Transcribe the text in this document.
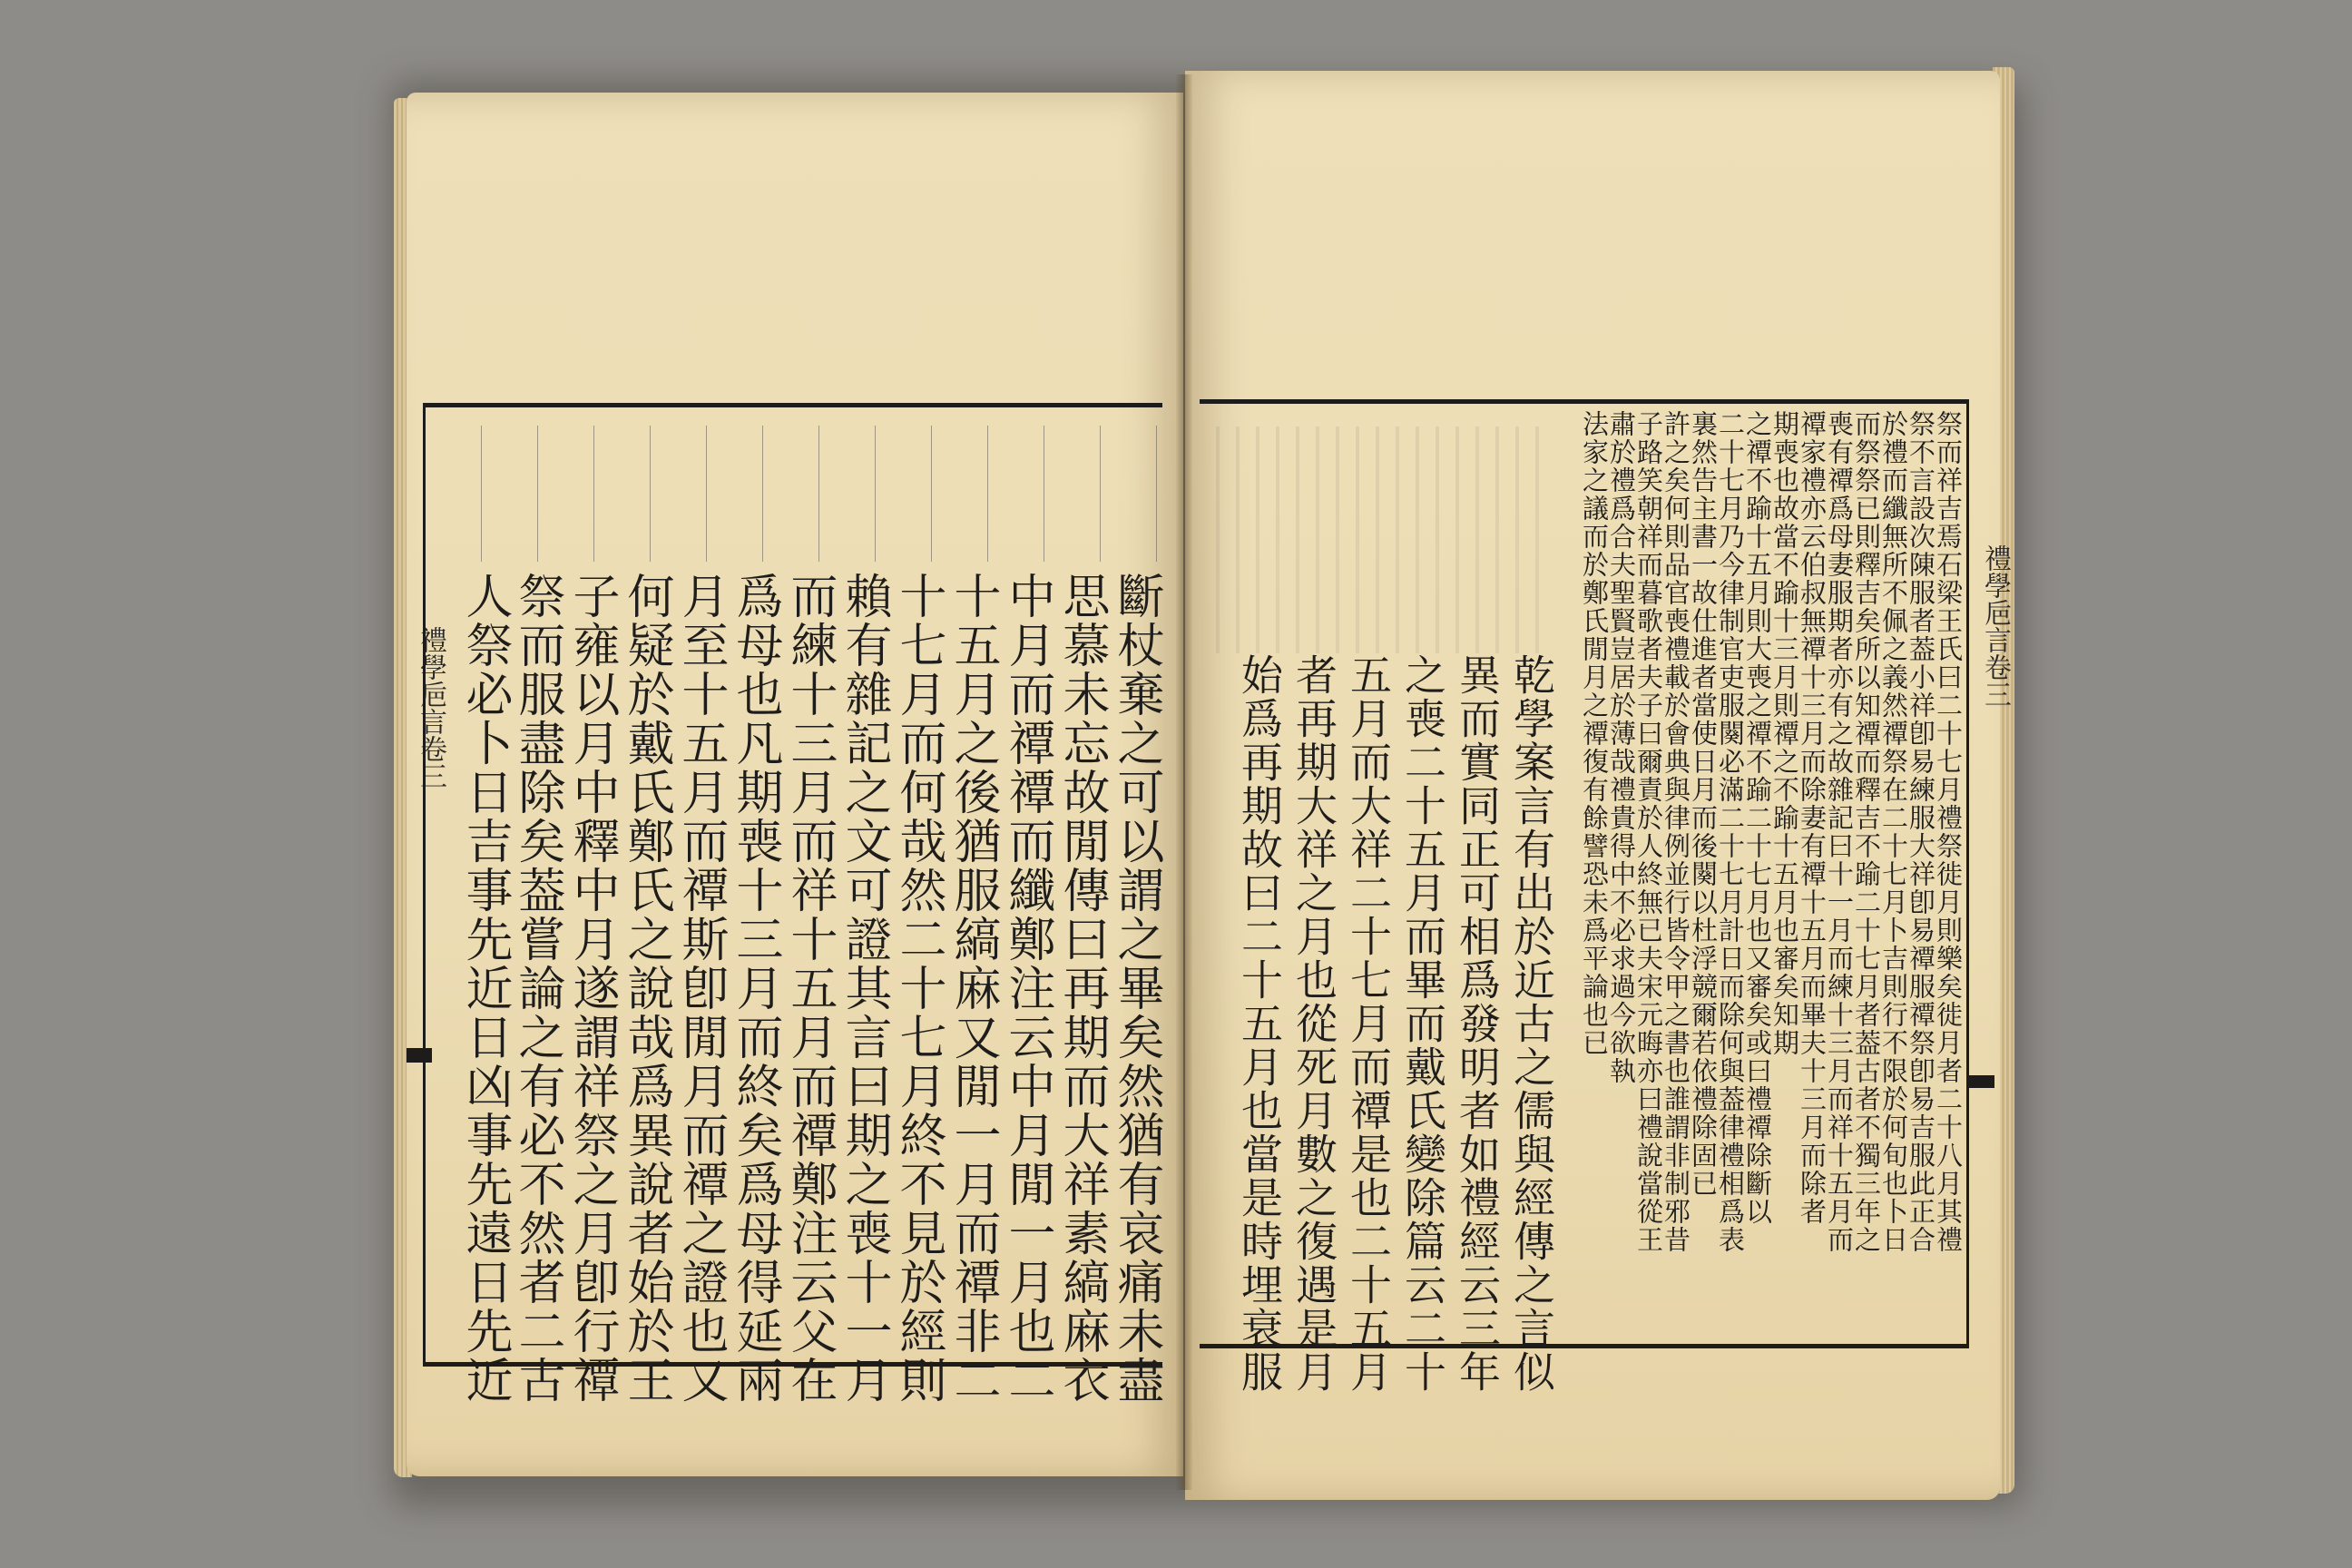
禮學巵言卷三	斷杖棄之可以謂之畢矣然猶有哀痛未盡
思慕未忘故閒傳曰再期而大祥素縞麻衣
中月而禫禫而纖鄭注云中月閒一月也二
十五月之後猶服縞麻又閒一月而禫非二
十七月而何哉然二十七月終不見於經則
賴有雜記之文可證其言曰期之喪十一月
而練十三月而祥十五月而禫鄭注云父在
爲母也凡期喪十三月而終矣爲母得延兩
月至十五月而禫斯卽閒月而禫之證也又
何疑於戴氏鄭氏之說哉爲異說者始於王
子雍以月中釋中月遂謂祥祭之月卽行禫
祭而服盡除矣葢嘗論之有必不然者二古
人祭必卜日吉事先近日凶事先遠日先近	禮學巵言卷三
祭而祥吉焉石梁王氏曰二十七月禮祭徙月則樂矣徙月者二十八月其禮
祭不言設次陳服者葢小祥卽易練服大祥卽易禫服禫祭卽易吉服此正合
於禮而纖無所不佩之義然禫祭在二十七月卜吉則行不限於何旬也卜日
而祭祭已則釋吉矣所以知禫而釋吉不踰二十七月者葢古者不獨三年之
喪有禫爲母妻服期者亦有之故雜記曰十一月而練十三月而祥十五月而
禫家禮亦云伯叔無禫十三月而除妻有禫十五月而畢夫十三月而除者
期喪也故當不踰十三月則禫之不踰十五月也審矣知期
之禫不踰十五月則大喪之禫不踰二十七月也又審矣或曰禮禫除斷以
二十七月乃今律制官吏服闋必滿二十七月計日而除何與葢律禮相爲表
裏然告主書一故仕進者當使日月而後闋以杜浮競爾若依禮除固已
許之矣何則品官喪禮載於會典與律例並行皆令甲之書也誰謂非制邪昔
子路笑朝祥而暮歌者夫子曰爾責於人終無已夫宋元晦亦曰禮說當從王
肅於禮爲合夫聖賢豈居於薄哉禮貴得中不必求過今欲執
法家之議而於鄭氏閒月之禫復有餘譬恐未爲平論也已
乾學案言有出於近古之儒與經傳之言似
異而實同正可相爲發明者如禮經云三年
之喪二十五月而畢而戴氏變除篇云二十
五月而大祥二十七月而禫是也二十五月
者再期大祥之月也從死月數之復遇是月
始爲再期故曰二十五月也當是時埋衰服
